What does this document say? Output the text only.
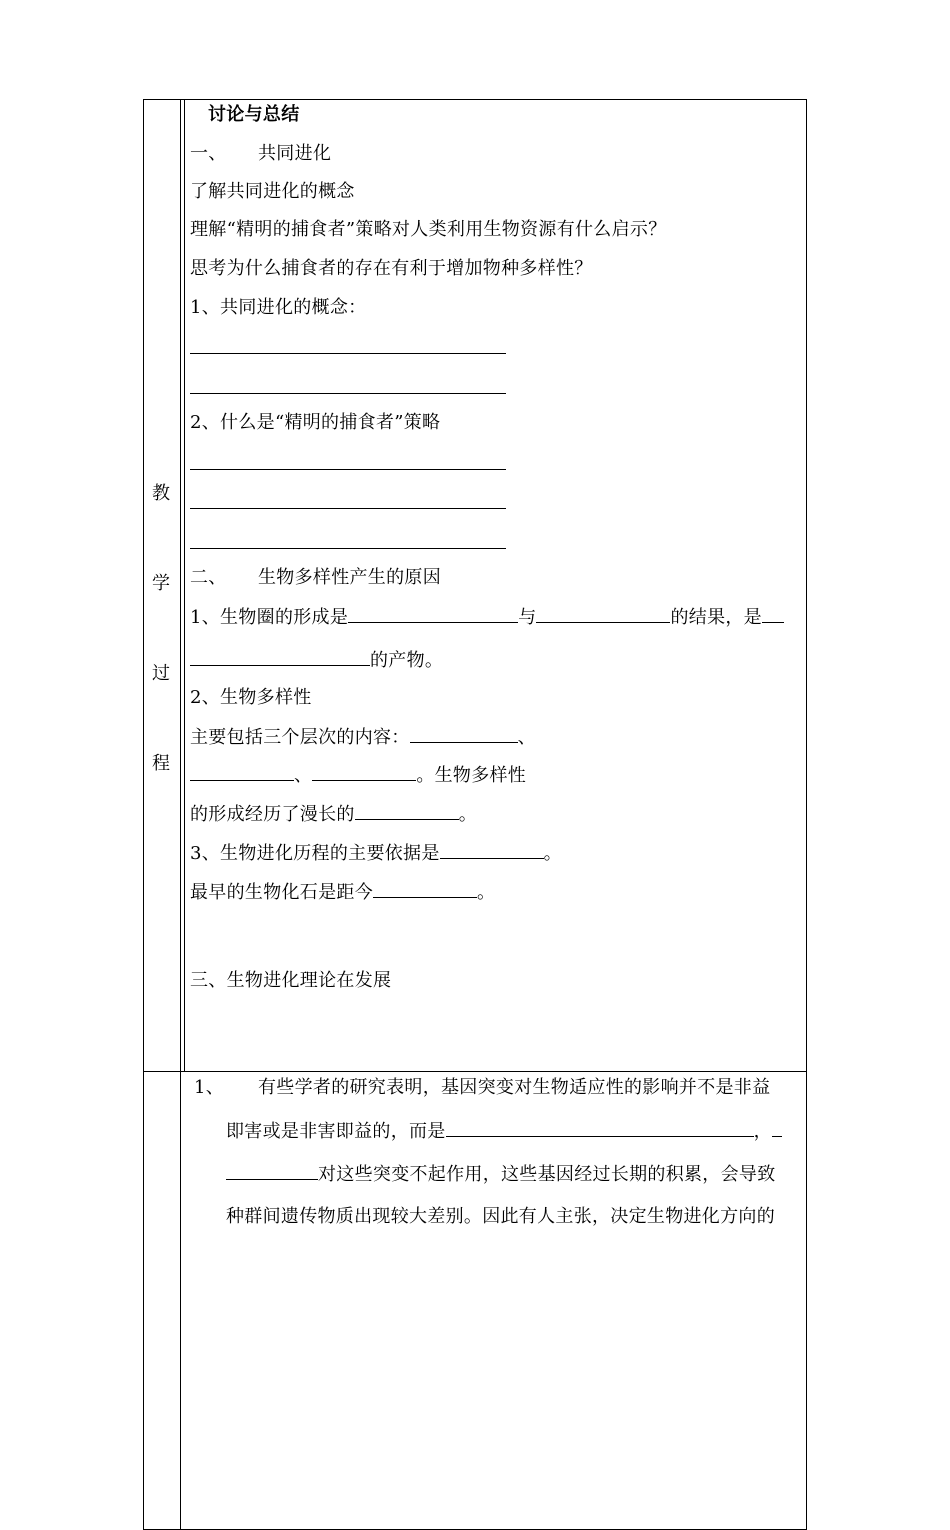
教
学
过
程
讨论与总结
一、 共同进化
了解共同进化的概念
理解“精明的捕食者”策略对人类利用生物资源有什么启示？
思考为什么捕食者的存在有利于增加物种多样性？
1、共同进化的概念：
2、什么是“精明的捕食者”策略
二、 生物多样性产生的原因
1、生物圈的形成是	与	的结果，是
的产物。
2、生物多样性
主要包括三个层次的内容：	、
、	。生物多样性
的形成经历了漫长的	。
3、生物进化历程的主要依据是	。
最早的生物化石是距今	。
三、生物进化理论在发展
1、 有些学者的研究表明，基因突变对生物适应性的影响并不是非益
即害或是非害即益的，而是	，
对这些突变不起作用，这些基因经过长期的积累，会导致
种群间遗传物质出现较大差别。因此有人主张，决定生物进化方向的
